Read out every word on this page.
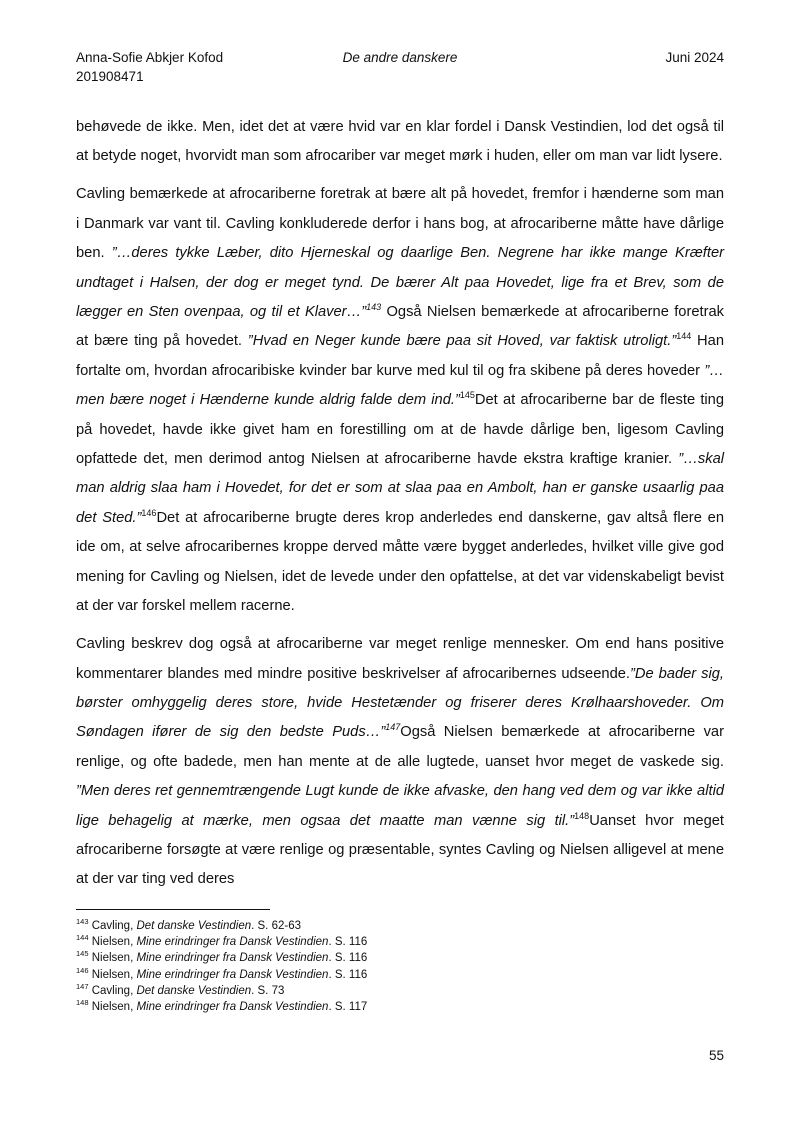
Anna-Sofie Abkjer Kofod
201908471
De andre danskere	Juni 2024

behøvede de ikke. Men, idet det at være hvid var en klar fordel i Dansk Vestindien, lod det også til at betyde noget, hvorvidt man som afrocariber var meget mørk i huden, eller om man var lidt lysere.

Cavling bemærkede at afrocariberne foretrak at bære alt på hovedet, fremfor i hænderne som man i Danmark var vant til. Cavling konkluderede derfor i hans bog, at afrocariberne måtte have dårlige ben. ”…deres tykke Læber, dito Hjerneskal og daarlige Ben. Negrene har ikke mange Kræfter undtaget i Halsen, der dog er meget tynd. De bærer Alt paa Hovedet, lige fra et Brev, som de lægger en Sten ovenpaa, og til et Klaver…”$^{143}$ Også Nielsen bemærkede at afrocariberne foretrak at bære ting på hovedet. ”Hvad en Neger kunde bære paa sit Hoved, var faktisk utroligt.”$^{144}$ Han fortalte om, hvordan afrocaribiske kvinder bar kurve med kul til og fra skibene på deres hoveder ”… men bære noget i Hænderne kunde aldrig falde dem ind.”$^{145}$Det at afrocariberne bar de fleste ting på hovedet, havde ikke givet ham en forestilling om at de havde dårlige ben, ligesom Cavling opfattede det, men derimod antog Nielsen at afrocariberne havde ekstra kraftige kranier. ”…skal man aldrig slaa ham i Hovedet, for det er som at slaa paa en Ambolt, han er ganske usaarlig paa det Sted.”$^{146}$Det at afrocariberne brugte deres krop anderledes end danskerne, gav altså flere en ide om, at selve afrocaribernes kroppe derved måtte være bygget anderledes, hvilket ville give god mening for Cavling og Nielsen, idet de levede under den opfattelse, at det var videnskabeligt bevist at der var forskel mellem racerne.

Cavling beskrev dog også at afrocariberne var meget renlige mennesker. Om end hans positive kommentarer blandes med mindre positive beskrivelser af afrocaribernes udseende.”De bader sig, børster omhyggelig deres store, hvide Hestetænder og friserer deres Krølhaarshoveder. Om Søndagen ifører de sig den bedste Puds…”$^{147}$Også Nielsen bemærkede at afrocariberne var renlige, og ofte badede, men han mente at de alle lugtede, uanset hvor meget de vaskede sig. ”Men deres ret gennemtrængende Lugt kunde de ikke afvaske, den hang ved dem og var ikke altid lige behagelig at mærke, men ogsaa det maatte man vænne sig til.”$^{148}$Uanset hvor meget afrocariberne forsøgte at være renlige og præsentable, syntes Cavling og Nielsen alligevel at mene at der var ting ved deres

$^{143}$ Cavling, Det danske Vestindien. S. 62-63
$^{144}$ Nielsen, Mine erindringer fra Dansk Vestindien. S. 116
$^{145}$ Nielsen, Mine erindringer fra Dansk Vestindien. S. 116
$^{146}$ Nielsen, Mine erindringer fra Dansk Vestindien. S. 116
$^{147}$ Cavling, Det danske Vestindien. S. 73
$^{148}$ Nielsen, Mine erindringer fra Dansk Vestindien. S. 117
55
